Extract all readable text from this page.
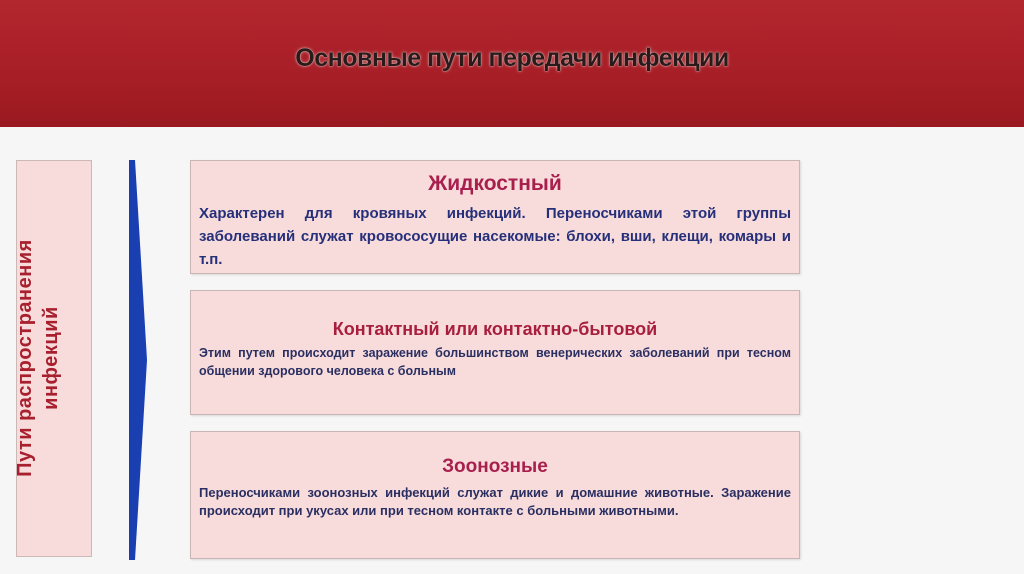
Основные пути передачи инфекции
Пути распространения инфекций
Жидкостный
Характерен для кровяных инфекций. Переносчиками этой группы заболеваний служат кровососущие насекомые: блохи, вши, клещи, комары и т.п.
Контактный или контактно-бытовой
Этим путем происходит заражение большинством венерических заболеваний при тесном общении здорового человека с больным
Зоонозные
Переносчиками зоонозных инфекций служат дикие и домашние животные. Заражение происходит при укусах или при тесном контакте с больными животными.
